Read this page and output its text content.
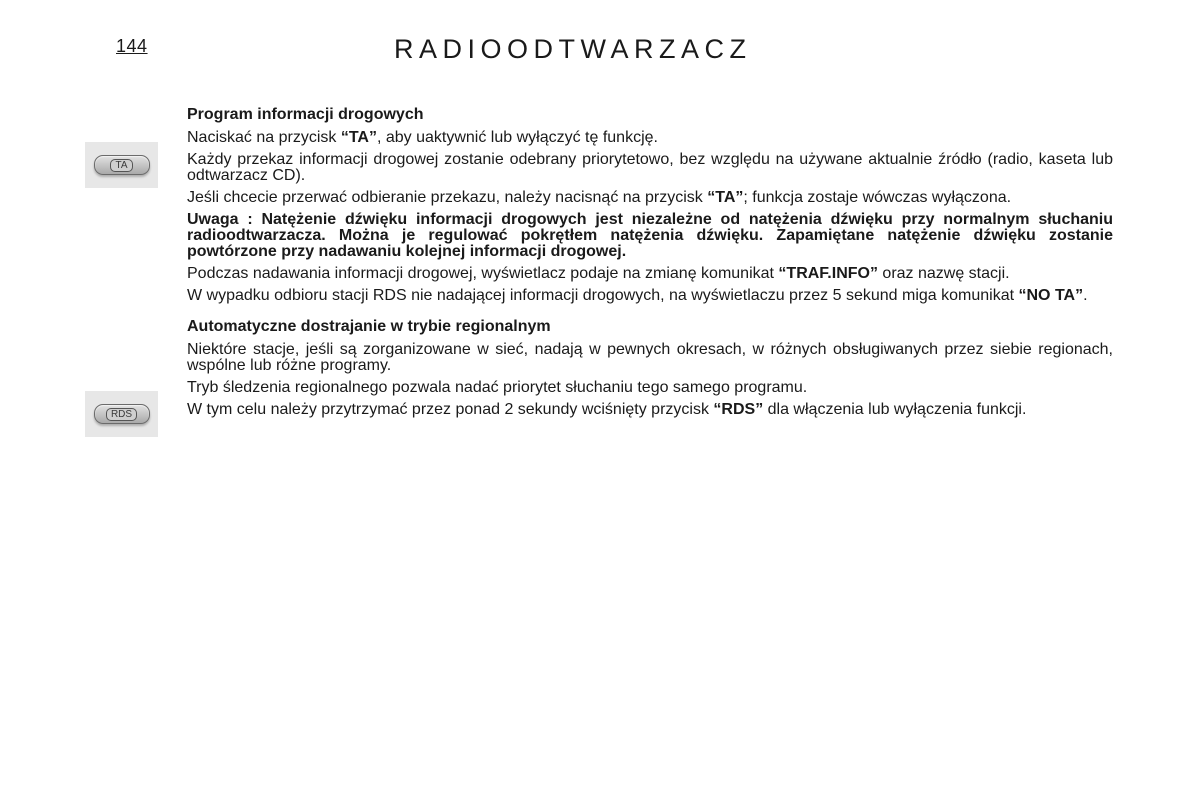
144	RADIOODTWARZACZ
TA
RDS
Program informacji drogowych

Naciskać na przycisk “TA”, aby uaktywnić lub wyłączyć tę funkcję.

Każdy przekaz informacji drogowej zostanie odebrany priorytetowo, bez względu na używane aktualnie źródło (radio, kaseta lub odtwarzacz CD).

Jeśli chcecie przerwać odbieranie przekazu, należy nacisnąć na przycisk “TA”; funkcja zostaje wówczas wyłączona.

Uwaga : Natężenie dźwięku informacji drogowych jest niezależne od natężenia dźwięku przy normalnym słuchaniu radioodtwarzacza. Można je regulować pokrętłem natężenia dźwięku. Zapamiętane natężenie dźwięku zostanie powtórzone przy nadawaniu kolejnej informacji drogowej.

Podczas nadawania informacji drogowej, wyświetlacz podaje na zmianę komunikat “TRAF.INFO” oraz nazwę stacji.

W wypadku odbioru stacji RDS nie nadającej informacji drogowych, na wyświetlaczu przez 5 sekund miga komunikat “NO TA”.

Automatyczne dostrajanie w trybie regionalnym

Niektóre stacje, jeśli są zorganizowane w sieć, nadają w pewnych okresach, w różnych obsługiwanych przez siebie regionach, wspólne lub różne programy.

Tryb śledzenia regionalnego pozwala nadać priorytet słuchaniu tego samego programu.

W tym celu należy przytrzymać przez ponad 2 sekundy wciśnięty przycisk “RDS” dla włączenia lub wyłączenia funkcji.
